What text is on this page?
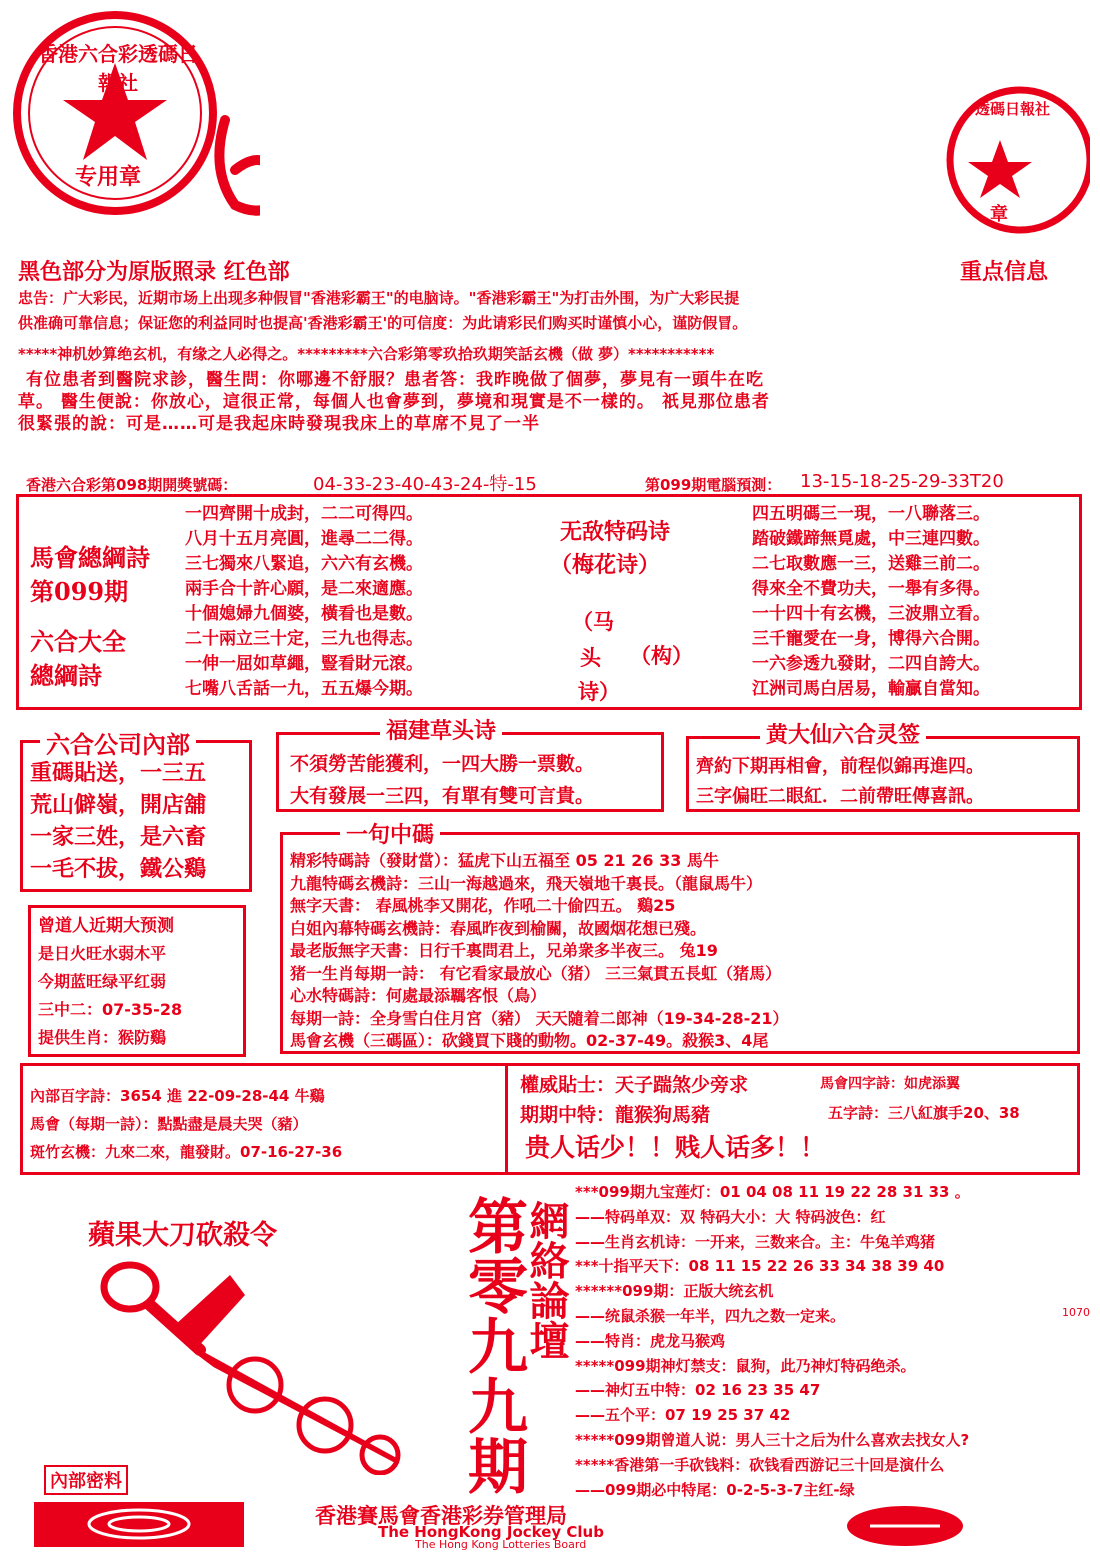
香港六合彩透碼日報社
专用章
透碼日報社
章
黑色部分为原版照录 红色部	重点信息
忠告：广大彩民，近期市场上出现多种假冒"香港彩霸王"的电脑诗。"香港彩霸王"为打击外围，为广大彩民提
供准确可靠信息；保证您的利益同时也提高'香港彩霸王'的可信度：为此请彩民们购买时谨慎小心，谨防假冒。
*****神机妙算绝玄机，有缘之人必得之。*********六合彩第零玖拾玖期笑話玄機（做 夢）***********
有位患者到醫院求診，醫生問：你哪邊不舒服？患者答：我昨晚做了個夢，夢見有一頭牛在吃
草。 醫生便說：你放心，這很正常，每個人也會夢到，夢境和現實是不一樣的。 祇見那位患者
很緊張的說：可是……可是我起床時發現我床上的草席不見了一半
香港六合彩第098期開獎號碼：	04-33-23-40-43-24-特-15	第099期電腦預測： 13-15-18-25-29-33T20
馬會總綱詩
第099期
六合大全
總綱詩
一四齊開十成封，二二可得四。
八月十五月亮圓，進尋二二得。
三七獨來八緊追，六六有玄機。
兩手合十許心願，是二來適應。
十個媳婦九個婆，橫看也是數。
二十兩立三十定，三九也得志。
一伸一屈如草繩，豎看財元滾。
七嘴八舌話一九，五五爆今期。
无敌特码诗
（梅花诗）
（马
头 （构）
诗）
四五明碼三一現，一八聯落三。
踏破鐵蹄無覓處，中三連四數。
二七取數應一三，送雞三前二。
得來全不費功夫，一舉有多得。
一十四十有玄機，三波鼎立看。
三千寵愛在一身，博得六合開。
一六参透九發財，二四自誇大。
江洲司馬白居易，輸贏自當知。
六合公司內部
重碼貼送，一三五
荒山僻嶺，開店舖
一家三姓，是六畜
一毛不拔，鐵公鷄
福建草头诗
不須勞苦能獲利，一四大勝一票數。
大有發展一三四，有單有雙可言貴。
黄大仙六合灵签
齊約下期再相會，前程似錦再進四。
三字偏旺二眼紅．二前帶旺傳喜訊。
一句中碼
精彩特碼詩（發財當）：猛虎下山五福至 05 21 26 33 馬牛
九龍特碼玄機詩：三山一海越過來，飛天嶺地千裏長。（龍鼠馬牛）
無字天書： 春風桃李又開花，作吼二十偷四五。 鷄25
白姐內幕特碼玄機詩：春風昨夜到榆關，故國烟花想已殘。
最老版無字天書：日行千裏問君上，兄弟衆多半夜三。 兔19
猪一生肖每期一詩： 有它看家最放心（猪） 三三氣貫五長虹（猪馬）
心水特碼詩：何處最添羈客恨（鳥）
每期一詩：全身雪白住月宮（豬） 天天隨着二郎神（19-34-28-21）
馬會玄機（三碼區）：砍錢買下賤的動物。02-37-49。殺猴3、4尾
曾道人近期大预测
是日火旺水弱木平
今期蓝旺绿平红弱
三中二：07-35-28
提供生肖：猴防鷄
內部百字詩：3654 進 22-09-28-44 牛鷄
馬會（每期一詩）：點點盡是晨夫哭（豬）
斑竹玄機：九來二來，龍發財。07-16-27-36
權威貼士：天子踹煞少旁求	馬會四字詩：如虎添翼
期期中特：龍猴狗馬豬	五字詩：三八紅旗手20、38
贵人话少！！贱人话多！！
蘋果大刀砍殺令
內部密料	第零九九期
網絡論壇
***099期九宝莲灯：01 04 08 11 19 22 28 31 33 。
——特码单双：双 特码大小：大 特码波色：红
——生肖玄机诗：一开来，三数来合。主：牛兔羊鸡猪
***十指平天下：08 11 15 22 26 33 34 38 39 40
******099期：正版大统玄机
——统鼠杀猴一年半，四九之数一定来。
——特肖：虎龙马猴鸡
*****099期神灯禁支：鼠狗，此乃神灯特码绝杀。
——神灯五中特：02 16 23 35 47
——五个平：07 19 25 37 42
*****099期曾道人说：男人三十之后为什么喜欢去找女人?
*****香港第一手砍钱料：砍钱看西游记三十回是演什么
——099期必中特尾：0-2-5-3-7主红-绿
1070
香港賽馬會香港彩券管理局
The HongKong Jockey Club
The Hong Kong Lotteries Board
